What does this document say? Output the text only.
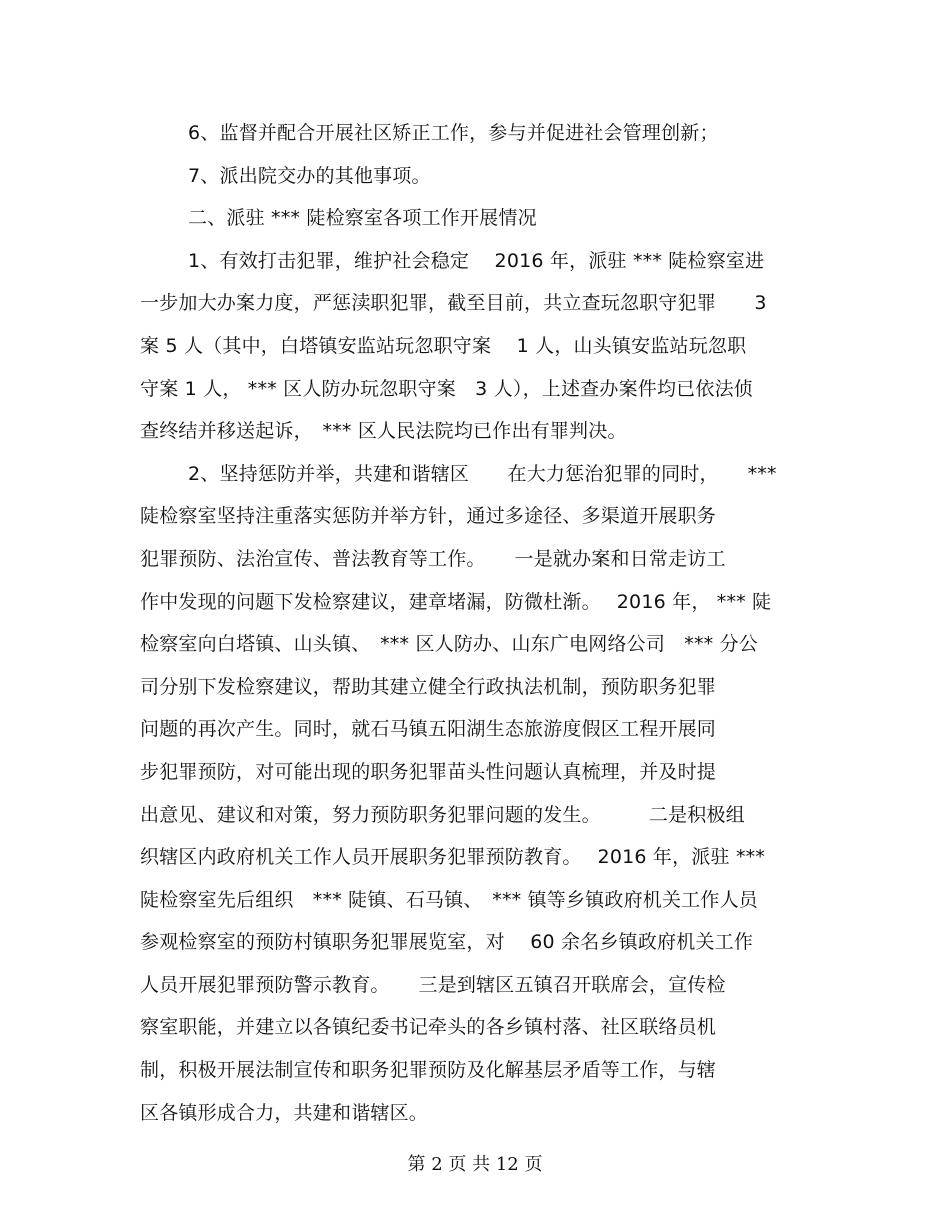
6、监督并配合开展社区矫正工作，参与并促进社会管理创新；
7、派出院交办的其他事项。
二、派驻 *** 陡检察室各项工作开展情况
1、有效打击犯罪，维护社会稳定　 2016 年，派驻 *** 陡检察室进
一步加大办案力度，严惩渎职犯罪，截至目前，共立查玩忽职守犯罪　　3
案 5 人（其中，白塔镇安监站玩忽职守案　 1 人，山头镇安监站玩忽职
守案 1 人， *** 区人防办玩忽职守案　3 人），上述查办案件均已依法侦
查终结并移送起诉，　*** 区人民法院均已作出有罪判决。
2、坚持惩防并举，共建和谐辖区　　在大力惩治犯罪的同时，　　***
陡检察室坚持注重落实惩防并举方针，通过多途径、多渠道开展职务
犯罪预防、法治宣传、普法教育等工作。　　一是就办案和日常走访工
作中发现的问题下发检察建议，建章堵漏，防微杜渐。　 2016 年， *** 陡
检察室向白塔镇、山头镇、　*** 区人防办、山东广电网络公司　*** 分公
司分别下发检察建议，帮助其建立健全行政执法机制，预防职务犯罪
问题的再次产生。同时，就石马镇五阳湖生态旅游度假区工程开展同
步犯罪预防，对可能出现的职务犯罪苗头性问题认真梳理，并及时提
出意见、建议和对策，努力预防职务犯罪问题的发生。　　　二是积极组
织辖区内政府机关工作人员开展职务犯罪预防教育。　 2016 年，派驻 ***
陡检察室先后组织　*** 陡镇、石马镇、　*** 镇等乡镇政府机关工作人员
参观检察室的预防村镇职务犯罪展览室，对　 60 余名乡镇政府机关工作
人员开展犯罪预防警示教育。　　三是到辖区五镇召开联席会，宣传检
察室职能，并建立以各镇纪委书记牵头的各乡镇村落、社区联络员机
制，积极开展法制宣传和职务犯罪预防及化解基层矛盾等工作，与辖
区各镇形成合力，共建和谐辖区。
第 2 页 共 12 页
